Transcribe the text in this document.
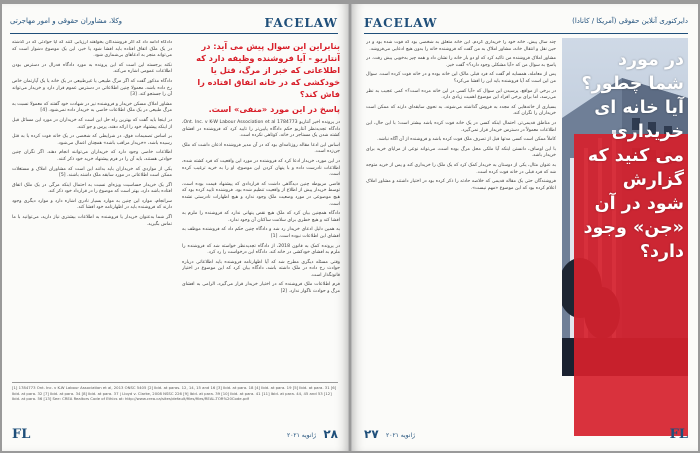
وکلا، مشاوران حقوقی و امور مهاجرتی	FACELAW

بنابراین این سوال پیش می آید: در آنتاریو - آیا فروشنده وظیفه دارد که اطلاعاتی که خبر از مرگ، قتل یا خودکشی که در خانه اتفاق افتاده را فاش کند؟

پاسخ در این مورد «منفی» است.

در پرونده اخیر آنتاریو 1784773 Ont. Inc. v K-W Labour Association et al، دادگاه تجدیدنظر آنتاریو حکم دادگاه پایین‌تر را تایید کرد که فروشنده در افشای کشته شدن یک مستاجر در خانه، کوتاهی نکرده است.

اساس این ادعا مقاله روزنامه‌ای بود که در آن مدیر فروشنده اذعان داشت که ملک جن‌زده است.

در این مورد، خریدار ادعا کرد که فروشنده در مورد این واقعیت که فرد کشته شده، اطلاعات نادرست داده و با پنهان کردن این موضوع، او را به خرید ترغیب کرده است.

قاضی مربوطه چنین دیدگاهی داشت که قراردادی که پیشنهاد قیمت بوده است، توسط خریدار پیش از اطلاع از واقعیت تنظیم شده بود. فروشنده تایید کرده بود که هیچ موضوعی در مورد وضعیت ملک وجود ندارد و هیچ اظهارات نادرستی نشده است.

دادگاه همچنین بیان کرد که ملک هیچ نقص پنهانی ندارد که فروشنده را ملزم به افشا کند و هیچ خطری برای سلامت ساکنان آن وجود ندارد.

به همین دلیل ادعای خریدار رد شد و دادگاه چنین حکم داد که فروشنده موظف به افشای این اطلاعات نبوده است. [1]

در پرونده کمک به قانون 2018، از دادگاه تجدیدنظر خواسته شد که فروشنده را ملزم به افشای خودکشی در خانه کند. دادگاه این درخواست را رد کرد.

وقتی مسئله دیگری مطرح شد که آیا اظهارنامه فروشنده باید اطلاعاتی درباره حوادث رخ داده در ملک داشته باشد، دادگاه بیان کرد که این موضوع در اختیار قانونگذار است.

فرم اطلاعات ملک فروشنده که در اختیار خریدار قرار می‌گیرد، الزامی به افشای مرگ و حوادث ناگوار ندارد. [2]

دادگاه ادامه داد که اگر فروشندگان بخواهند ارزیابی کنند که آیا حوادثی که در گذشته در یک ملک اتفاق افتاده باید افشا شود یا خیر، این یک موضوع دشوار است که می‌تواند منجر به ادعاهای بی‌شماری شود.

نکته برجسته این است که این پرونده به مورد دادگاه فدرال در دسترس بودن اطلاعات عمومی اشاره می‌کند.

دادگاه مذکور گفت که اگر مرگ طبیعی یا غیرطبیعی در یک خانه یا یک آپارتمان خاص رخ داده باشد، معمولا چنین اطلاعاتی در دسترس عموم قرار دارد و خریدار می‌تواند آن را جستجو کند. [3]

مشاور املاک مسکن خریدار و فروشنده نیز در شهادت خود گفتند که معمولا نسبت به مرگ طبیعی در یک ملک اطلاعات خاصی به خریدار داده نمی‌شود. [4]

در اینجا باید گفت که بهترین راه حل این است که خریداران در مورد این مسائل قبل از اینکه پیشنهاد خود را ارائه دهند، پرس و جو کنند.

بر اساس تصمیمات فوق، در شرایطی که شخصی در یک خانه فوت کرده یا به قتل رسیده باشد، «خریدار مراقب باشد» همچنان اعمال می‌شود.

اطلاعات خاصی وجود دارد که خریداران می‌توانند انجام دهند. اگر نگران چنین حوادثی هستند، باید آن را در فرم پیشنهاد خرید خود ذکر کنند.

یکی از مواردی که خریداران باید بدانند این است که مشاوران املاک و مستغلات ممکن است اطلاعاتی در مورد سابقه ملک داشته باشند. [5]

اگر یک خریدار حساسیت ویژه‌ای نسبت به احتمال اینکه مرگی در یک ملک اتفاق افتاده باشد دارد، بهتر است که موضوع را در قرارداد خود ذکر کند.

سرانجام، موارد این چنین به موارد بسیار نادری اشاره دارد و موارد دیگری وجود دارند که فروشنده باید در اظهارنامه خود افشا کند.

اگر شما به‌عنوان خریدار یا فروشنده به اطلاعات بیشتری نیاز دارید، می‌توانید با ما تماس بگیرید.

[1] 1784773 Ont. Inc. v K-W Labour Association et al, 2013 ONSC 5405 [2] Ibid. at paras. 12, 14, 15 and 16 [3] Ibid. at para. 18 [4] Ibid. at para. 19 [5] Ibid. at para. 31 [6] Ibid. at para. 32 [7] Ibid. at para. 34 [8] Ibid. at para. 37 | Lloyd v. Clarke, 2008 NSSC 226 [9] Ibid. at para. 39 [10] Ibid. at para. 41 [11] Ibid. at para. 44, 45 and 53 [12] Ibid. at para. 56 [13] See: CREA Realtors Code of Ethics at: http://www.crea.ca/sites/default/files/files/REAL-TOR%20Code.pdf
FL	ژانویه ۲۰۲۱ ۲۸
FACELAW	دایرکتوری آنلاین حقوقی (آمریکا / کانادا)

چند سال پیش، خانه خود را خریداری کردم. این خانه متعلق به شخصی بود که فوت شده بود و در حین نقل و انتقال خانه، مشاور املاک به من گفت که فروشنده خانه را بدون هیچ ادعایی می‌فروشد.

مشاور املاک فروشنده من تاکید کرد که او دو بار خانه را نشان داد و همه چیز به‌خوبی پیش رفت. در پاسخ به سوال من که «آیا مشکلی وجود دارد؟» گفت خیر.

پس از معامله، همسایه ام گفت که فرد قبلی مالک این خانه بوده و در خانه فوت کرده است. سوال من این است که آیا فروشنده باید این را افشا می‌کرد؟

در برخی از مواقع، پرسیدن این سوال که «آیا کسی در این خانه مرده است؟» کمی عجیب به نظر می‌رسد، اما برای برخی افراد این موضوع اهمیت زیادی دارد.

بسیاری از خانه‌هایی که مجدد به فروش گذاشته می‌شوند، به نحوی سابقه‌ای دارند که ممکن است خریداران را نگران کند.

در مناطق قدیمی‌تر، احتمال اینکه کسی در یک خانه فوت کرده باشد بیشتر است؛ با این حال، این اطلاعات معمولاً در دسترس خریدار قرار نمی‌گیرد.

کاملاً ممکن است کسی مدتها قبل از تصرف ملک فوت کرده باشد و فروشنده از آن آگاه نباشد.

با این اوصاف، دانستن اینکه آیا ملکی محل مرگ بوده است، می‌تواند نوعی از مزایای خرید برای خریدار باشد.

به عنوان مثال، یکی از دوستان به خریدار کمک کرد که یک ملک را خریداری کند و پس از خرید متوجه شد که فرد قبلی در خانه فوت کرده است.

فروشندگان حتی یک مقاله قدیمی که خلاصه حادثه را ذکر کرده بود در اختیار داشتند و مشاور املاک اعلام کرده بود که این موضوع «مهم نیست».

در مورد شما چطور؟ آیا خانه ای خریداری می کنید که گزارش شود در آن «جن» وجود دارد؟
۲۷ ژانویه ۲۰۲۱	FL
